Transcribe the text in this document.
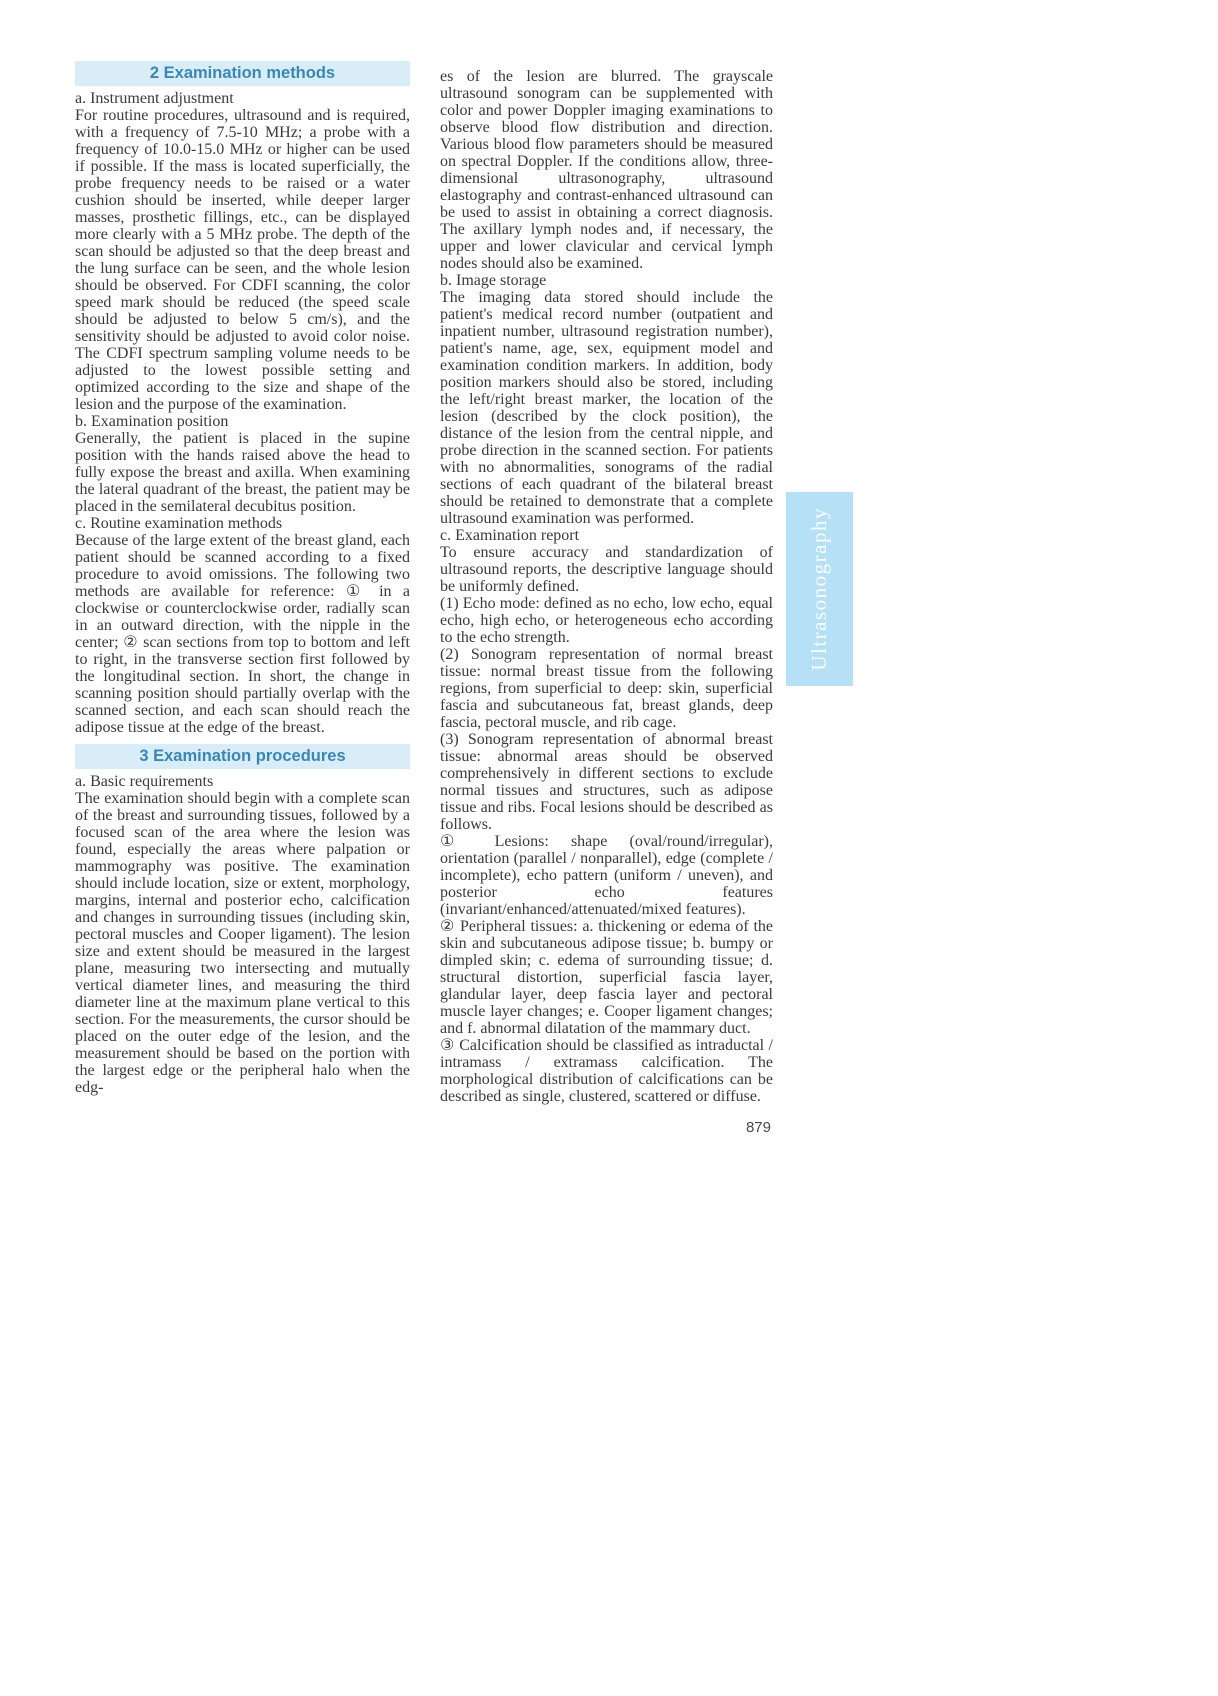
2 Examination methods

a. Instrument adjustment

For routine procedures, ultrasound and is required, with a frequency of 7.5-10 MHz; a probe with a frequency of 10.0-15.0 MHz or higher can be used if possible. If the mass is located superficially, the probe frequency needs to be raised or a water cushion should be inserted, while deeper larger masses, prosthetic fillings, etc., can be displayed more clearly with a 5 MHz probe. The depth of the scan should be adjusted so that the deep breast and the lung surface can be seen, and the whole lesion should be observed. For CDFI scanning, the color speed mark should be reduced (the speed scale should be adjusted to below 5 cm/s), and the sensitivity should be adjusted to avoid color noise. The CDFI spectrum sampling volume needs to be adjusted to the lowest possible setting and optimized according to the size and shape of the lesion and the purpose of the examination.

b. Examination position

Generally, the patient is placed in the supine position with the hands raised above the head to fully expose the breast and axilla. When examining the lateral quadrant of the breast, the patient may be placed in the semilateral decubitus position.

c. Routine examination methods

Because of the large extent of the breast gland, each patient should be scanned according to a fixed procedure to avoid omissions. The following two methods are available for reference: ① in a clockwise or counterclockwise order, radially scan in an outward direction, with the nipple in the center; ② scan sections from top to bottom and left to right, in the transverse section first followed by the longitudinal section. In short, the change in scanning position should partially overlap with the scanned section, and each scan should reach the adipose tissue at the edge of the breast.

3 Examination procedures

a. Basic requirements

The examination should begin with a complete scan of the breast and surrounding tissues, followed by a focused scan of the area where the lesion was found, especially the areas where palpation or mammography was positive. The examination should include location, size or extent, morphology, margins, internal and posterior echo, calcification and changes in surrounding tissues (including skin, pectoral muscles and Cooper ligament). The lesion size and extent should be measured in the largest plane, measuring two intersecting and mutually vertical diameter lines, and measuring the third diameter line at the maximum plane vertical to this section. For the measurements, the cursor should be placed on the outer edge of the lesion, and the measurement should be based on the portion with the largest edge or the peripheral halo when the edg-

es of the lesion are blurred. The grayscale ultrasound sonogram can be supplemented with color and power Doppler imaging examinations to observe blood flow distribution and direction. Various blood flow parameters should be measured on spectral Doppler. If the conditions allow, three-dimensional ultrasonography, ultrasound elastography and contrast-enhanced ultrasound can be used to assist in obtaining a correct diagnosis. The axillary lymph nodes and, if necessary, the upper and lower clavicular and cervical lymph nodes should also be examined.

b. Image storage

The imaging data stored should include the patient's medical record number (outpatient and inpatient number, ultrasound registration number), patient's name, age, sex, equipment model and examination condition markers. In addition, body position markers should also be stored, including the left/right breast marker, the location of the lesion (described by the clock position), the distance of the lesion from the central nipple, and probe direction in the scanned section. For patients with no abnormalities, sonograms of the radial sections of each quadrant of the bilateral breast should be retained to demonstrate that a complete ultrasound examination was performed.

c. Examination report

To ensure accuracy and standardization of ultrasound reports, the descriptive language should be uniformly defined.

(1) Echo mode: defined as no echo, low echo, equal echo, high echo, or heterogeneous echo according to the echo strength.

(2) Sonogram representation of normal breast tissue: normal breast tissue from the following regions, from superficial to deep: skin, superficial fascia and subcutaneous fat, breast glands, deep fascia, pectoral muscle, and rib cage.

(3) Sonogram representation of abnormal breast tissue: abnormal areas should be observed comprehensively in different sections to exclude normal tissues and structures, such as adipose tissue and ribs. Focal lesions should be described as follows.

① Lesions: shape (oval/round/irregular), orientation (parallel / nonparallel), edge (complete / incomplete), echo pattern (uniform / uneven), and posterior echo features (invariant/enhanced/attenuated/mixed features).

② Peripheral tissues: a. thickening or edema of the skin and subcutaneous adipose tissue; b. bumpy or dimpled skin; c. edema of surrounding tissue; d. structural distortion, superficial fascia layer, glandular layer, deep fascia layer and pectoral muscle layer changes; e. Cooper ligament changes; and f. abnormal dilatation of the mammary duct.

③ Calcification should be classified as intraductal / intramass / extramass calcification. The morphological distribution of calcifications can be described as single, clustered, scattered or diffuse.

879
Ultrasonography
